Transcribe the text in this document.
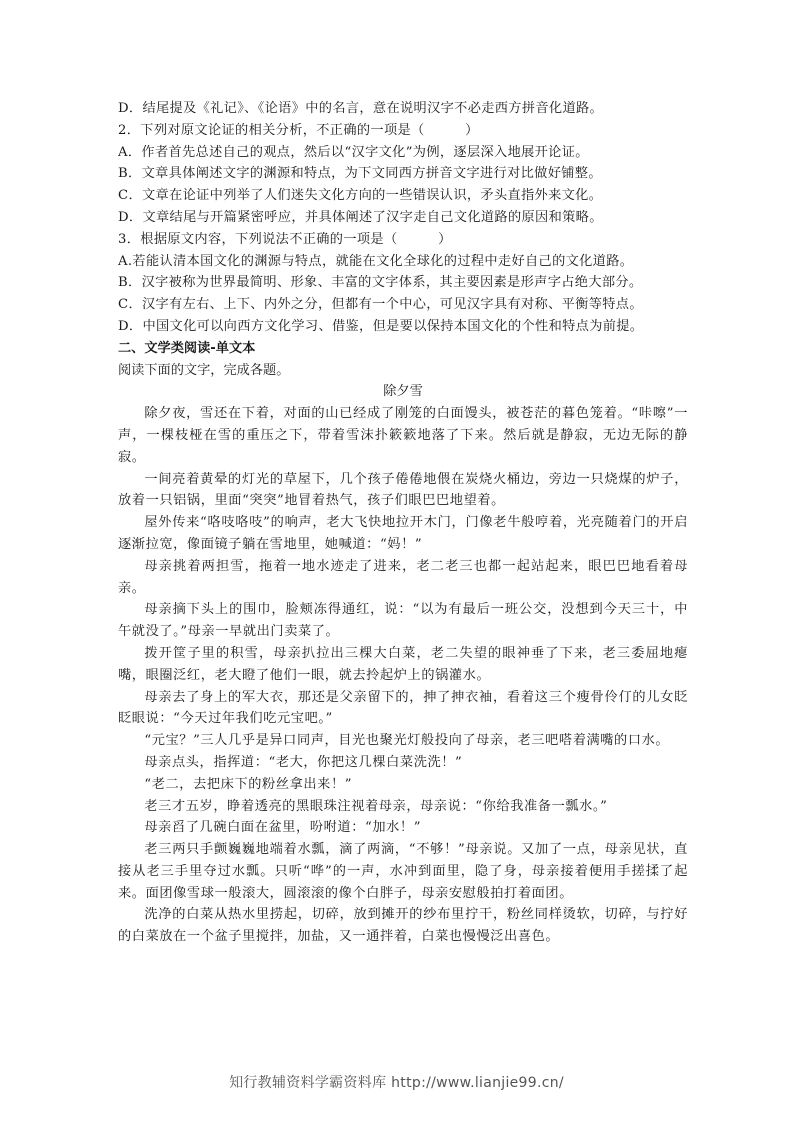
D．结尾提及《礼记》、《论语》中的名言，意在说明汉字不必走西方拼音化道路。
2．下列对原文论证的相关分析，不正确的一项是（　　　）
A．作者首先总述自己的观点，然后以“汉字文化”为例，逐层深入地展开论证。
B．文章具体阐述文字的渊源和特点，为下文同西方拼音文字进行对比做好铺整。
C．文章在论证中列举了人们迷失文化方向的一些错误认识，矛头直指外来文化。
D．文章结尾与开篇紧密呼应，并具体阐述了汉字走自己文化道路的原因和策略。
3．根据原文内容，下列说法不正确的一项是（　　　）
A.若能认清本国文化的渊源与特点，就能在文化全球化的过程中走好自己的文化道路。
B．汉字被称为世界最简明、形象、丰富的文字体系，其主要因素是形声字占绝大部分。
C．汉字有左右、上下、内外之分，但都有一个中心，可见汉字具有对称、平衡等特点。
D．中国文化可以向西方文化学习、借鉴，但是要以保持本国文化的个性和特点为前提。
二、文学类阅读-单文本
阅读下面的文字，完成各题。
除夕雪
除夕夜，雪还在下着，对面的山已经成了刚笼的白面馒头，被苍茫的暮色笼着。“咔嚓”一声，一棵枝桠在雪的重压之下，带着雪沫扑簌簌地落了下来。然后就是静寂，无边无际的静寂。
一间亮着黄晕的灯光的草屋下，几个孩子倦倦地偎在炭烧火桶边，旁边一只烧煤的炉子，放着一只铝锅，里面“突突”地冒着热气，孩子们眼巴巴地望着。
屋外传来“咯吱咯吱”的响声，老大飞快地拉开木门，门像老牛般哼着，光亮随着门的开启逐渐拉宽，像面镜子躺在雪地里，她喊道：“妈！”
母亲挑着两担雪，拖着一地水迹走了进来，老二老三也都一起站起来，眼巴巴地看着母亲。
母亲摘下头上的围巾，脸颊冻得通红，说：“以为有最后一班公交，没想到今天三十，中午就没了。”母亲一早就出门卖菜了。
拨开筐子里的积雪，母亲扒拉出三棵大白菜，老二失望的眼神垂了下来，老三委屈地瘪嘴，眼圈泛红，老大瞪了他们一眼，就去拎起炉上的锅灌水。
母亲去了身上的军大衣，那还是父亲留下的，抻了抻衣袖，看着这三个瘦骨伶仃的儿女眨眨眼说：“今天过年我们吃元宝吧。”
“元宝？”三人几乎是异口同声，目光也聚光灯般投向了母亲，老三吧嗒着满嘴的口水。
母亲点头，指挥道：“老大，你把这几棵白菜洗洗！”
“老二，去把床下的粉丝拿出来！”
老三才五岁，睁着透亮的黑眼珠注视着母亲，母亲说：“你给我准备一瓢水。”
母亲舀了几碗白面在盆里，吩咐道：“加水！”
老三两只手颤巍巍地端着水瓢，滴了两滴，“不够！”母亲说。又加了一点，母亲见状，直接从老三手里夺过水瓢。只听“哗”的一声，水冲到面里，隐了身，母亲接着便用手搓揉了起来。面团像雪球一般滚大，圆滚滚的像个白胖子，母亲安慰般拍打着面团。
洗净的白菜从热水里捞起，切碎，放到摊开的纱布里拧干，粉丝同样烫软，切碎，与拧好的白菜放在一个盆子里搅拌，加盐，又一通拌着，白菜也慢慢泛出喜色。
知行教辅资料学霸资料库 http://www.lianjie99.cn/
